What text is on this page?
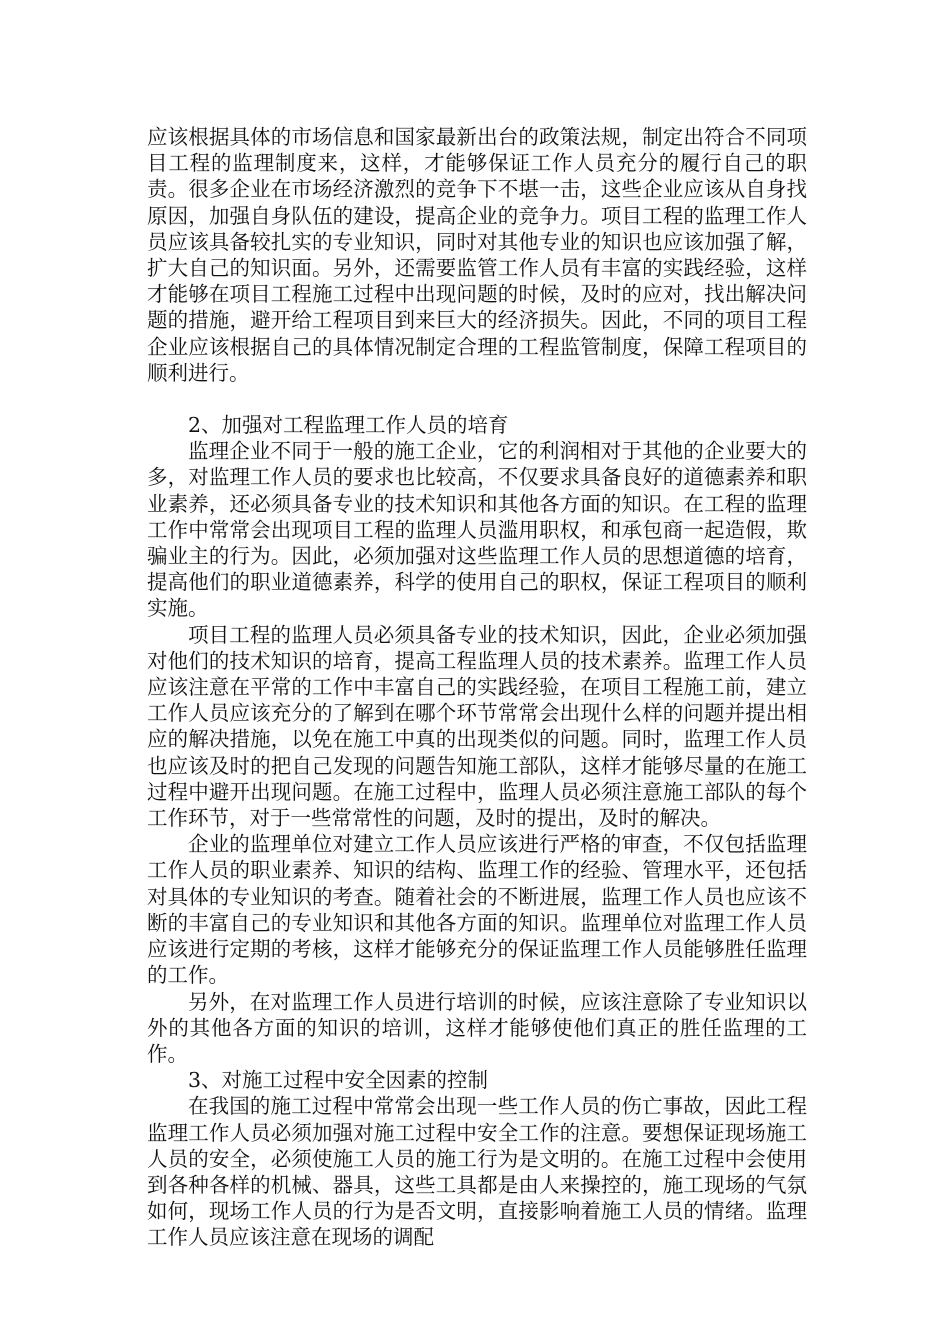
应该根据具体的市场信息和国家最新出台的政策法规，制定出符合不同项目工程的监理制度来，这样，才能够保证工作人员充分的履行自己的职责。很多企业在市场经济激烈的竞争下不堪一击，这些企业应该从自身找原因，加强自身队伍的建设，提高企业的竞争力。项目工程的监理工作人员应该具备较扎实的专业知识，同时对其他专业的知识也应该加强了解，扩大自己的知识面。另外，还需要监管工作人员有丰富的实践经验，这样才能够在项目工程施工过程中出现问题的时候，及时的应对，找出解决问题的措施，避开给工程项目到来巨大的经济损失。因此，不同的项目工程企业应该根据自己的具体情况制定合理的工程监管制度，保障工程项目的顺利进行。

2、加强对工程监理工作人员的培育

监理企业不同于一般的施工企业，它的利润相对于其他的企业要大的多，对监理工作人员的要求也比较高，不仅要求具备良好的道德素养和职业素养，还必须具备专业的技术知识和其他各方面的知识。在工程的监理工作中常常会出现项目工程的监理人员滥用职权，和承包商一起造假，欺骗业主的行为。因此，必须加强对这些监理工作人员的思想道德的培育，提高他们的职业道德素养，科学的使用自己的职权，保证工程项目的顺利实施。

项目工程的监理人员必须具备专业的技术知识，因此，企业必须加强对他们的技术知识的培育，提高工程监理人员的技术素养。监理工作人员应该注意在平常的工作中丰富自己的实践经验，在项目工程施工前，建立工作人员应该充分的了解到在哪个环节常常会出现什么样的问题并提出相应的解决措施，以免在施工中真的出现类似的问题。同时，监理工作人员也应该及时的把自己发现的问题告知施工部队，这样才能够尽量的在施工过程中避开出现问题。在施工过程中，监理人员必须注意施工部队的每个工作环节，对于一些常常性的问题，及时的提出，及时的解决。

企业的监理单位对建立工作人员应该进行严格的审查，不仅包括监理工作人员的职业素养、知识的结构、监理工作的经验、管理水平，还包括对具体的专业知识的考查。随着社会的不断进展，监理工作人员也应该不断的丰富自己的专业知识和其他各方面的知识。监理单位对监理工作人员应该进行定期的考核，这样才能够充分的保证监理工作人员能够胜任监理的工作。

另外，在对监理工作人员进行培训的时候，应该注意除了专业知识以外的其他各方面的知识的培训，这样才能够使他们真正的胜任监理的工作。

3、对施工过程中安全因素的控制

在我国的施工过程中常常会出现一些工作人员的伤亡事故，因此工程监理工作人员必须加强对施工过程中安全工作的注意。要想保证现场施工人员的安全，必须使施工人员的施工行为是文明的。在施工过程中会使用到各种各样的机械、器具，这些工具都是由人来操控的，施工现场的气氛如何，现场工作人员的行为是否文明，直接影响着施工人员的情绪。监理工作人员应该注意在现场的调配
